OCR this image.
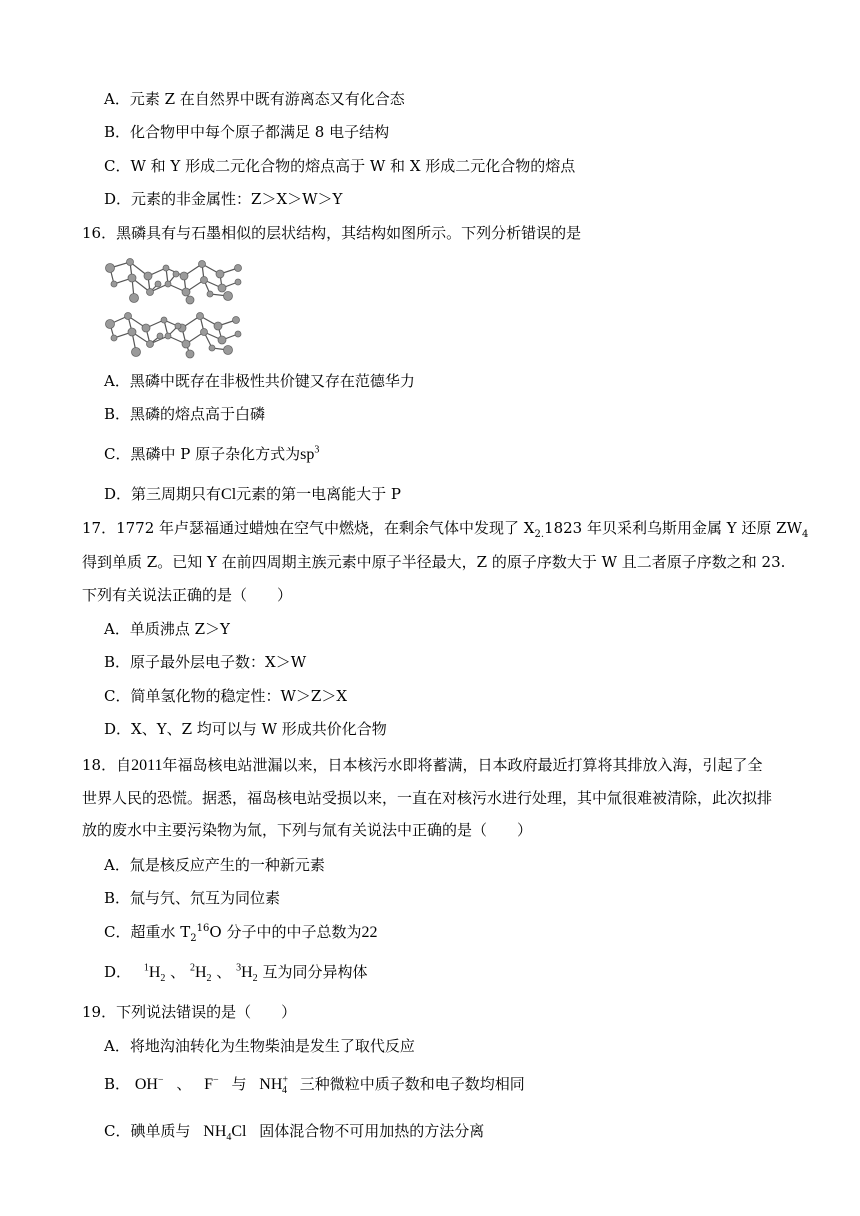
A．元素 Z 在自然界中既有游离态又有化合态
B．化合物甲中每个原子都满足 8 电子结构
C．W 和 Y 形成二元化合物的熔点高于 W 和 X 形成二元化合物的熔点
D．元素的非金属性：Z＞X＞W＞Y
16．黑磷具有与石墨相似的层状结构，其结构如图所示。下列分析错误的是
A．黑磷中既存在非极性共价键又存在范德华力
B．黑磷的熔点高于白磷
C．黑磷中 P 原子杂化方式为$sp^3$
D．第三周期只有Cl元素的第一电离能大于 P
17．1772 年卢瑟福通过蜡烛在空气中燃烧，在剩余气体中发现了 $X_{2.}1823$ 年贝采利乌斯用金属 Y 还原 $ZW_4$
得到单质 Z。已知 Y 在前四周期主族元素中原子半径最大，Z 的原子序数大于 W 且二者原子序数之和 23.
下列有关说法正确的是（　　）
A．单质沸点 Z＞Y
B．原子最外层电子数：X＞W
C．简单氢化物的稳定性：W＞Z＞X
D．X、Y、Z 均可以与 W 形成共价化合物
18．自2011年福岛核电站泄漏以来，日本核污水即将蓄满，日本政府最近打算将其排放入海，引起了全
世界人民的恐慌。据悉，福岛核电站受损以来，一直在对核污水进行处理，其中氚很难被清除，此次拟排
放的废水中主要污染物为氚，下列与氚有关说法中正确的是（　　）
A．氚是核反应产生的一种新元素
B．氚与氕、氘互为同位素
C．超重水 $T_2^{16}O$ 分子中的中子总数为22
D． $^1H_2$ 、 $^2H_2$ 、 $^3H_2$ 互为同分异构体
19．下列说法错误的是（　　）
A．将地沟油转化为生物柴油是发生了取代反应
B． OH− 、 F− 与 $NH^+_4$ 三种微粒中质子数和电子数均相同
C．碘单质与 $NH_4Cl$ 固体混合物不可用加热的方法分离
